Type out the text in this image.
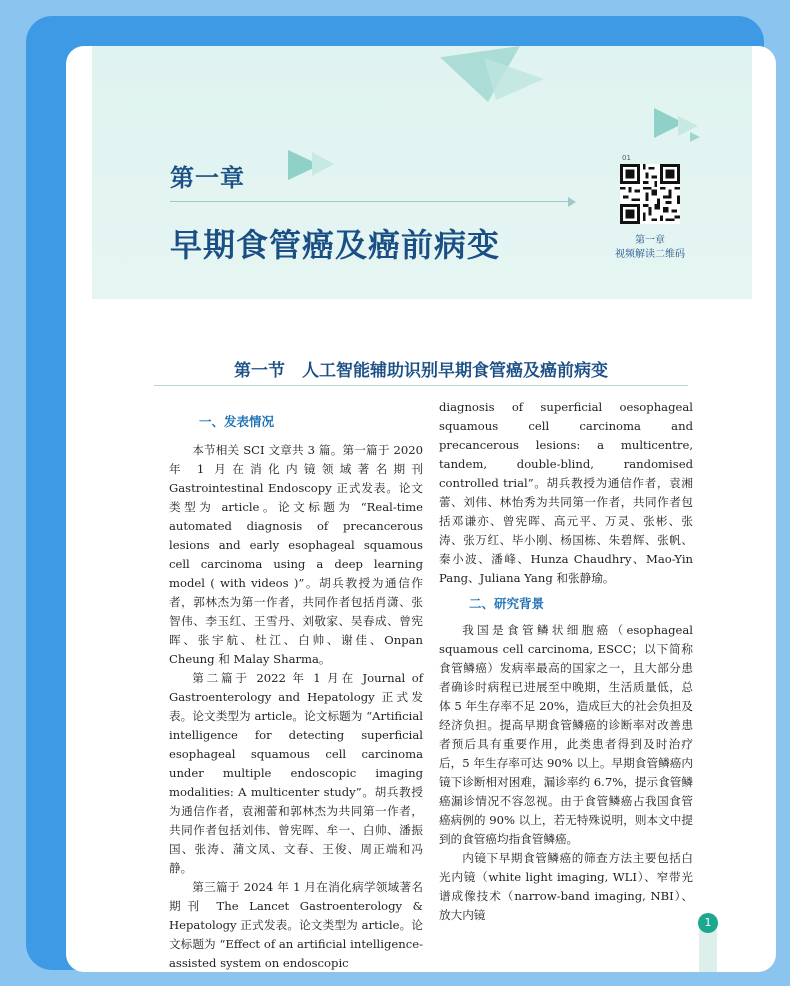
第一章
早期食管癌及癌前病变
01
第一章
视频解读二维码
第一节　人工智能辅助识别早期食管癌及癌前病变

一、发表情况

本节相关 SCI 文章共 3 篇。第一篇于 2020 年 1 月在消化内镜领域著名期刊 Gastrointestinal Endoscopy 正式发表。论文类型为 article。论文标题为 “Real-time automated diagnosis of precancerous lesions and early esophageal squamous cell carcinoma using a deep learning model ( with videos )”。胡兵教授为通信作者，郭林杰为第一作者，共同作者包括肖潇、张智伟、李玉红、王雪丹、刘敬家、吴春成、曾宪晖、张宇航、杜江、白帅、谢佳、Onpan Cheung 和 Malay Sharma。

第二篇于 2022 年 1 月在 Journal of Gastroenterology and Hepatology 正式发表。论文类型为 article。论文标题为 “Artificial intelligence for detecting superficial esophageal squamous cell carcinoma under multiple endoscopic imaging modalities: A multicenter study”。胡兵教授为通信作者，袁湘蕾和郭林杰为共同第一作者，共同作者包括刘伟、曾宪晖、牟一、白帅、潘振国、张涛、蒲文凤、文春、王俊、周正端和冯静。

第三篇于 2024 年 1 月在消化病学领域著名期刊 The Lancet Gastroenterology & Hepatology 正式发表。论文类型为 article。论文标题为 “Effect of an artificial intelligence-assisted system on endoscopic

diagnosis of superficial oesophageal squamous cell carcinoma and precancerous lesions: a multicentre, tandem, double-blind, randomised controlled trial”。胡兵教授为通信作者，袁湘蕾、刘伟、林怡秀为共同第一作者，共同作者包括邓谦亦、曾宪晖、高元平、万灵、张彬、张涛、张万红、毕小刚、杨国栋、朱碧辉、张帆、秦小波、潘峰、Hunza Chaudhry、Mao-Yin Pang、Juliana Yang 和张静瑜。

二、研究背景

我国是食管鳞状细胞癌（esophageal squamous cell carcinoma, ESCC；以下简称食管鳞癌）发病率最高的国家之一，且大部分患者确诊时病程已进展至中晚期，生活质量低，总体 5 年生存率不足 20%，造成巨大的社会负担及经济负担。提高早期食管鳞癌的诊断率对改善患者预后具有重要作用，此类患者得到及时治疗后，5 年生存率可达 90% 以上。早期食管鳞癌内镜下诊断相对困难，漏诊率约 6.7%，提示食管鳞癌漏诊情况不容忽视。由于食管鳞癌占我国食管癌病例的 90% 以上，若无特殊说明，则本文中提到的食管癌均指食管鳞癌。

内镜下早期食管鳞癌的筛查方法主要包括白光内镜（white light imaging, WLI）、窄带光谱成像技术（narrow-band imaging, NBI）、放大内镜

1
